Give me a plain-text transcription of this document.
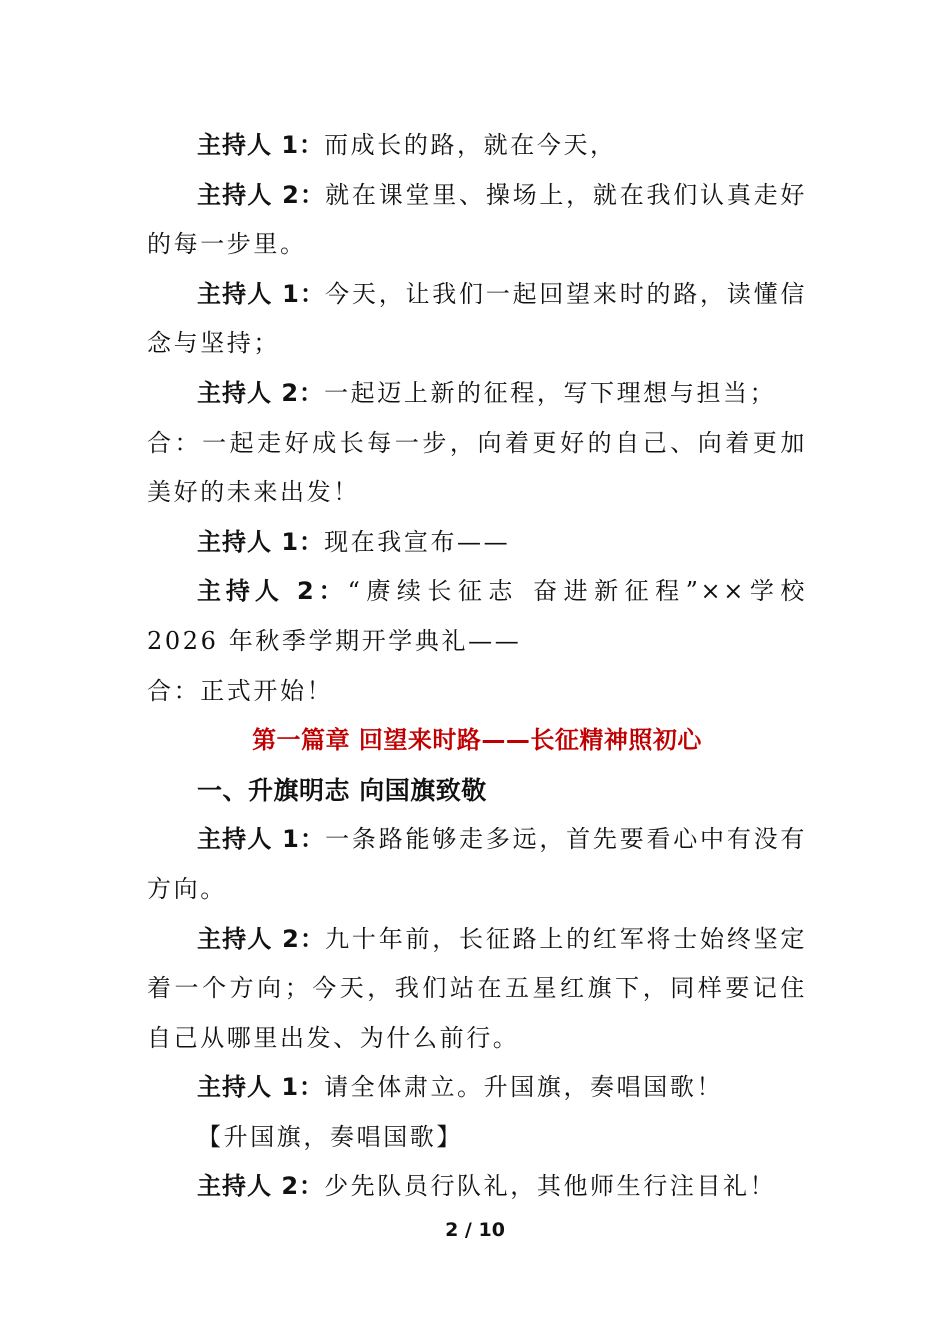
主持人 1：而成长的路，就在今天，

主持人 2：就在课堂里、操场上，就在我们认真走好的每一步里。

主持人 1：今天，让我们一起回望来时的路，读懂信念与坚持；

主持人 2：一起迈上新的征程，写下理想与担当；

合：一起走好成长每一步，向着更好的自己、向着更加美好的未来出发！

主持人 1：现在我宣布——

主持人 2：“赓续长征志 奋进新征程”××学校 2026 年秋季学期开学典礼——

合：正式开始！

第一篇章 回望来时路——长征精神照初心

一、升旗明志 向国旗致敬

主持人 1：一条路能够走多远，首先要看心中有没有方向。

主持人 2：九十年前，长征路上的红军将士始终坚定着一个方向；今天，我们站在五星红旗下，同样要记住自己从哪里出发、为什么前行。

主持人 1：请全体肃立。升国旗，奏唱国歌！

【升国旗，奏唱国歌】

主持人 2：少先队员行队礼，其他师生行注目礼！

2 / 10
